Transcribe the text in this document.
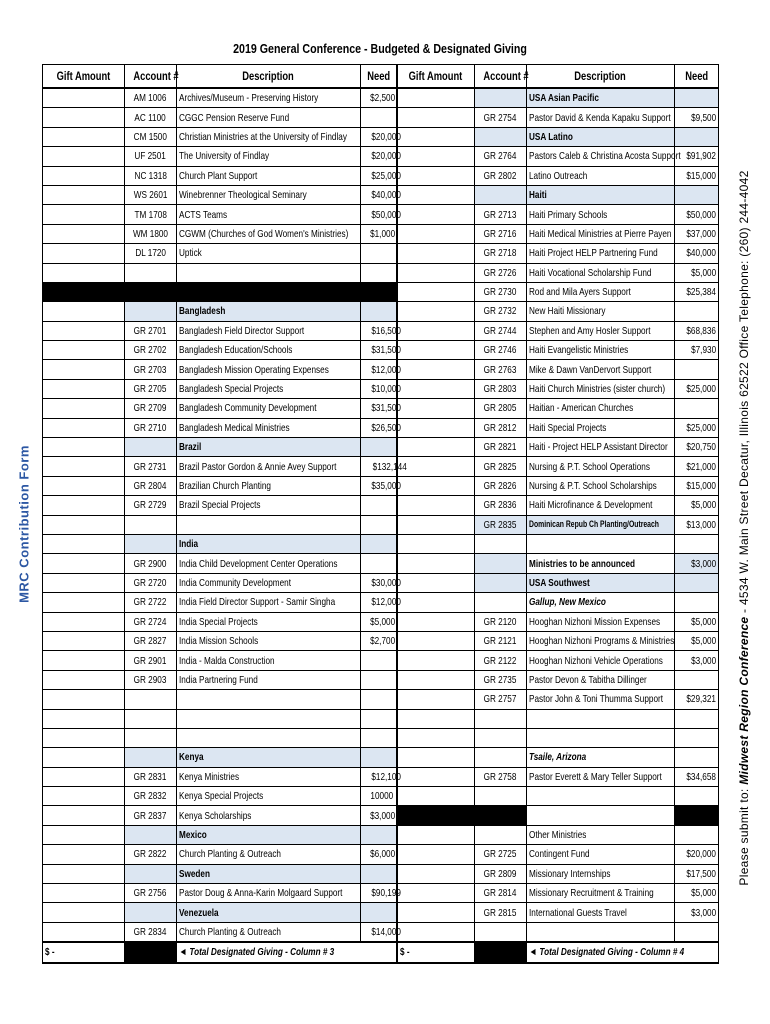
2019 General Conference - Budgeted & Designated Giving
MRC Contribution Form
Please submit to: Midwest Region Conference - 4534 W. Main Street Decatur, Illinois 62522 Office Telephone: (260) 244-4042
Gift Amount	Account #	Description	Need	Gift Amount	Account #	Description	Need
	AM 1006	Archives/Museum - Preserving History	$2,500			USA Asian Pacific	
	AC 1100	CGGC Pension Reserve Fund			GR 2754	Pastor David & Kenda Kapaku Support	$9,500
	CM 1500	Christian Ministries at the University of Findlay	$20,000			USA Latino	
	UF 2501	The University of Findlay	$20,000		GR 2764	Pastors Caleb & Christina Acosta Support	$91,902
	NC 1318	Church Plant Support	$25,000		GR 2802	Latino Outreach	$15,000
	WS 2601	Winebrenner Theological Seminary	$40,000			Haiti	
	TM 1708	ACTS Teams	$50,000		GR 2713	Haiti Primary Schools	$50,000
	WM 1800	CGWM (Churches of God Women's Ministries)	$1,000		GR 2716	Haiti Medical Ministries at Pierre Payen	$37,000
	DL 1720	Uptick			GR 2718	Haiti Project HELP Partnering Fund	$40,000
					GR 2726	Haiti Vocational Scholarship Fund	$5,000
					GR 2730	Rod and Mila Ayers Support	$25,384
		Bangladesh			GR 2732	New Haiti Missionary	
	GR 2701	Bangladesh Field Director Support	$16,500		GR 2744	Stephen and Amy Hosler Support	$68,836
	GR 2702	Bangladesh Education/Schools	$31,500		GR 2746	Haiti Evangelistic Ministries	$7,930
	GR 2703	Bangladesh Mission Operating Expenses	$12,000		GR 2763	Mike & Dawn VanDervort Support	
	GR 2705	Bangladesh Special Projects	$10,000		GR 2803	Haiti Church Ministries (sister church)	$25,000
	GR 2709	Bangladesh Community Development	$31,500		GR 2805	Haitian - American Churches	
	GR 2710	Bangladesh Medical Ministries	$26,500		GR 2812	Haiti Special Projects	$25,000
		Brazil			GR 2821	Haiti - Project HELP Assistant Director	$20,750
	GR 2731	Brazil Pastor Gordon & Annie Avey Support	$132,144		GR 2825	Nursing & P.T. School Operations	$21,000
	GR 2804	Brazilian Church Planting	$35,000		GR 2826	Nursing & P.T. School Scholarships	$15,000
	GR 2729	Brazil Special Projects			GR 2836	Haiti Microfinance & Development	$5,000
					GR 2835	Dominican Repub Ch Planting/Outreach	$13,000
		India					
	GR 2900	India Child Development Center Operations				Ministries to be announced	$3,000
	GR 2720	India Community Development	$30,000			USA Southwest	
	GR 2722	India Field Director Support - Samir Singha	$12,000			Gallup, New Mexico	
	GR 2724	India Special Projects	$5,000		GR 2120	Hooghan Nizhoni Mission Expenses	$5,000
	GR 2827	India Mission Schools	$2,700		GR 2121	Hooghan Nizhoni Programs & Ministries	$5,000
	GR 2901	India - Malda Construction			GR 2122	Hooghan Nizhoni Vehicle Operations	$3,000
	GR 2903	India Partnering Fund			GR 2735	Pastor Devon & Tabitha Dillinger	
					GR 2757	Pastor John & Toni Thumma Support	$29,321

		Kenya				Tsaile, Arizona	
	GR 2831	Kenya Ministries	$12,100		GR 2758	Pastor Everett & Mary Teller Support	$34,658
	GR 2832	Kenya Special Projects	10000				
	GR 2837	Kenya Scholarships	$3,000				
		Mexico				Other Ministries	
	GR 2822	Church Planting & Outreach	$6,000		GR 2725	Contingent Fund	$20,000
		Sweden			GR 2809	Missionary Internships	$17,500
	GR 2756	Pastor Doug & Anna-Karin Molgaard Support	$90,199		GR 2814	Missionary Recruitment & Training	$5,000
		Venezuela			GR 2815	International Guests Travel	$3,000
	GR 2834	Church Planting & Outreach	$14,000				
$ -		◄ Total Designated Giving - Column # 3		$ -		◄ Total Designated Giving - Column # 4	
